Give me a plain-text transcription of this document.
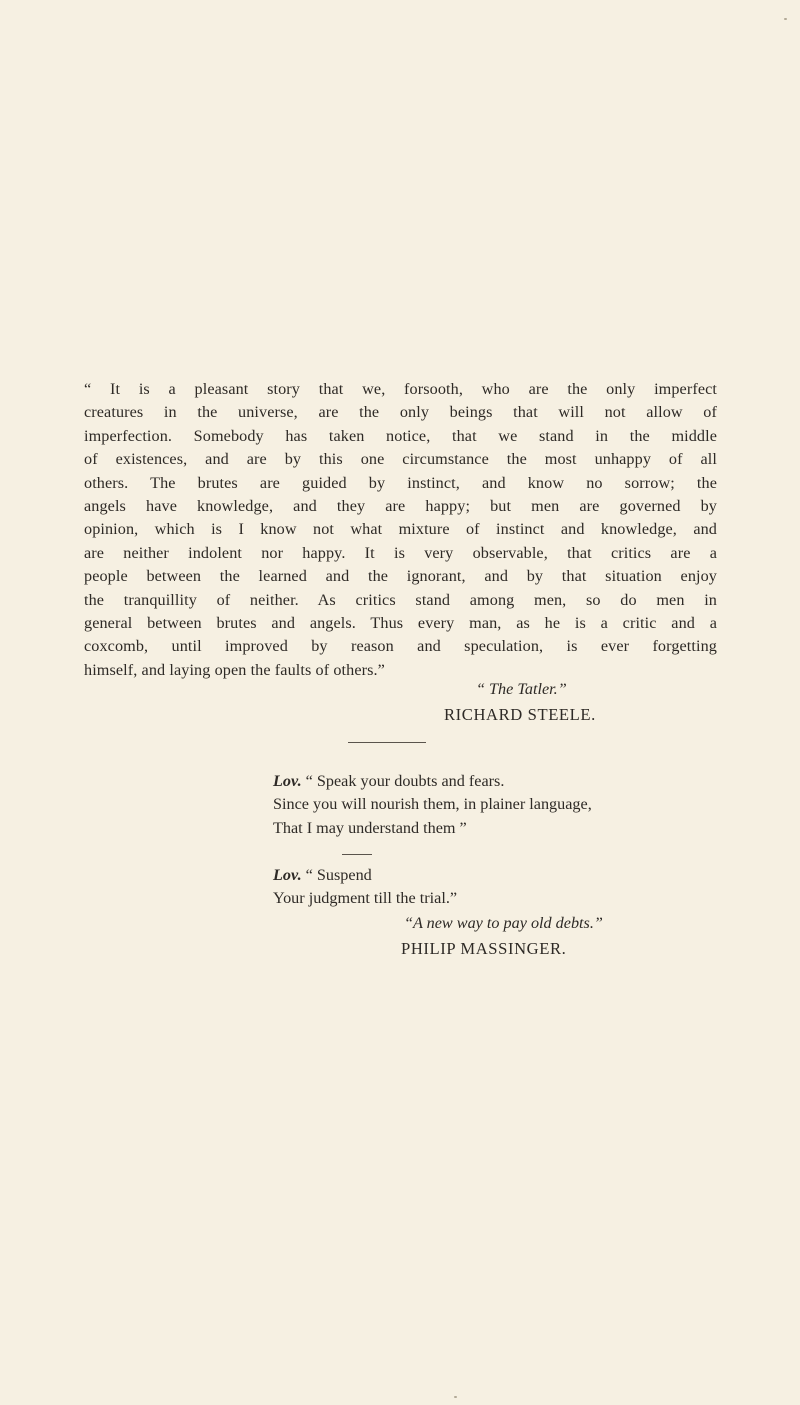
“ It is a pleasant story that we, forsooth, who are the only imperfect
creatures in the universe, are the only beings that will not allow of
imperfection. Somebody has taken notice, that we stand in the middle
of existences, and are by this one circumstance the most unhappy of all
others. The brutes are guided by instinct, and know no sorrow; the
angels have knowledge, and they are happy; but men are governed by
opinion, which is I know not what mixture of instinct and knowledge, and
are neither indolent nor happy. It is very observable, that critics are a
people between the learned and the ignorant, and by that situation enjoy
the tranquillity of neither. As critics stand among men, so do men in
general between brutes and angels. Thus every man, as he is a critic and a
coxcomb, until improved by reason and speculation, is ever forgetting
himself, and laying open the faults of others.”
“ The Tatler.”
RICHARD STEELE.
Lov. “ Speak your doubts and fears.
Since you will nourish them, in plainer language,
That I may understand them ”
Lov. “ Suspend
Your judgment till the trial.”
“A new way to pay old debts.”
PHILIP MASSINGER.
